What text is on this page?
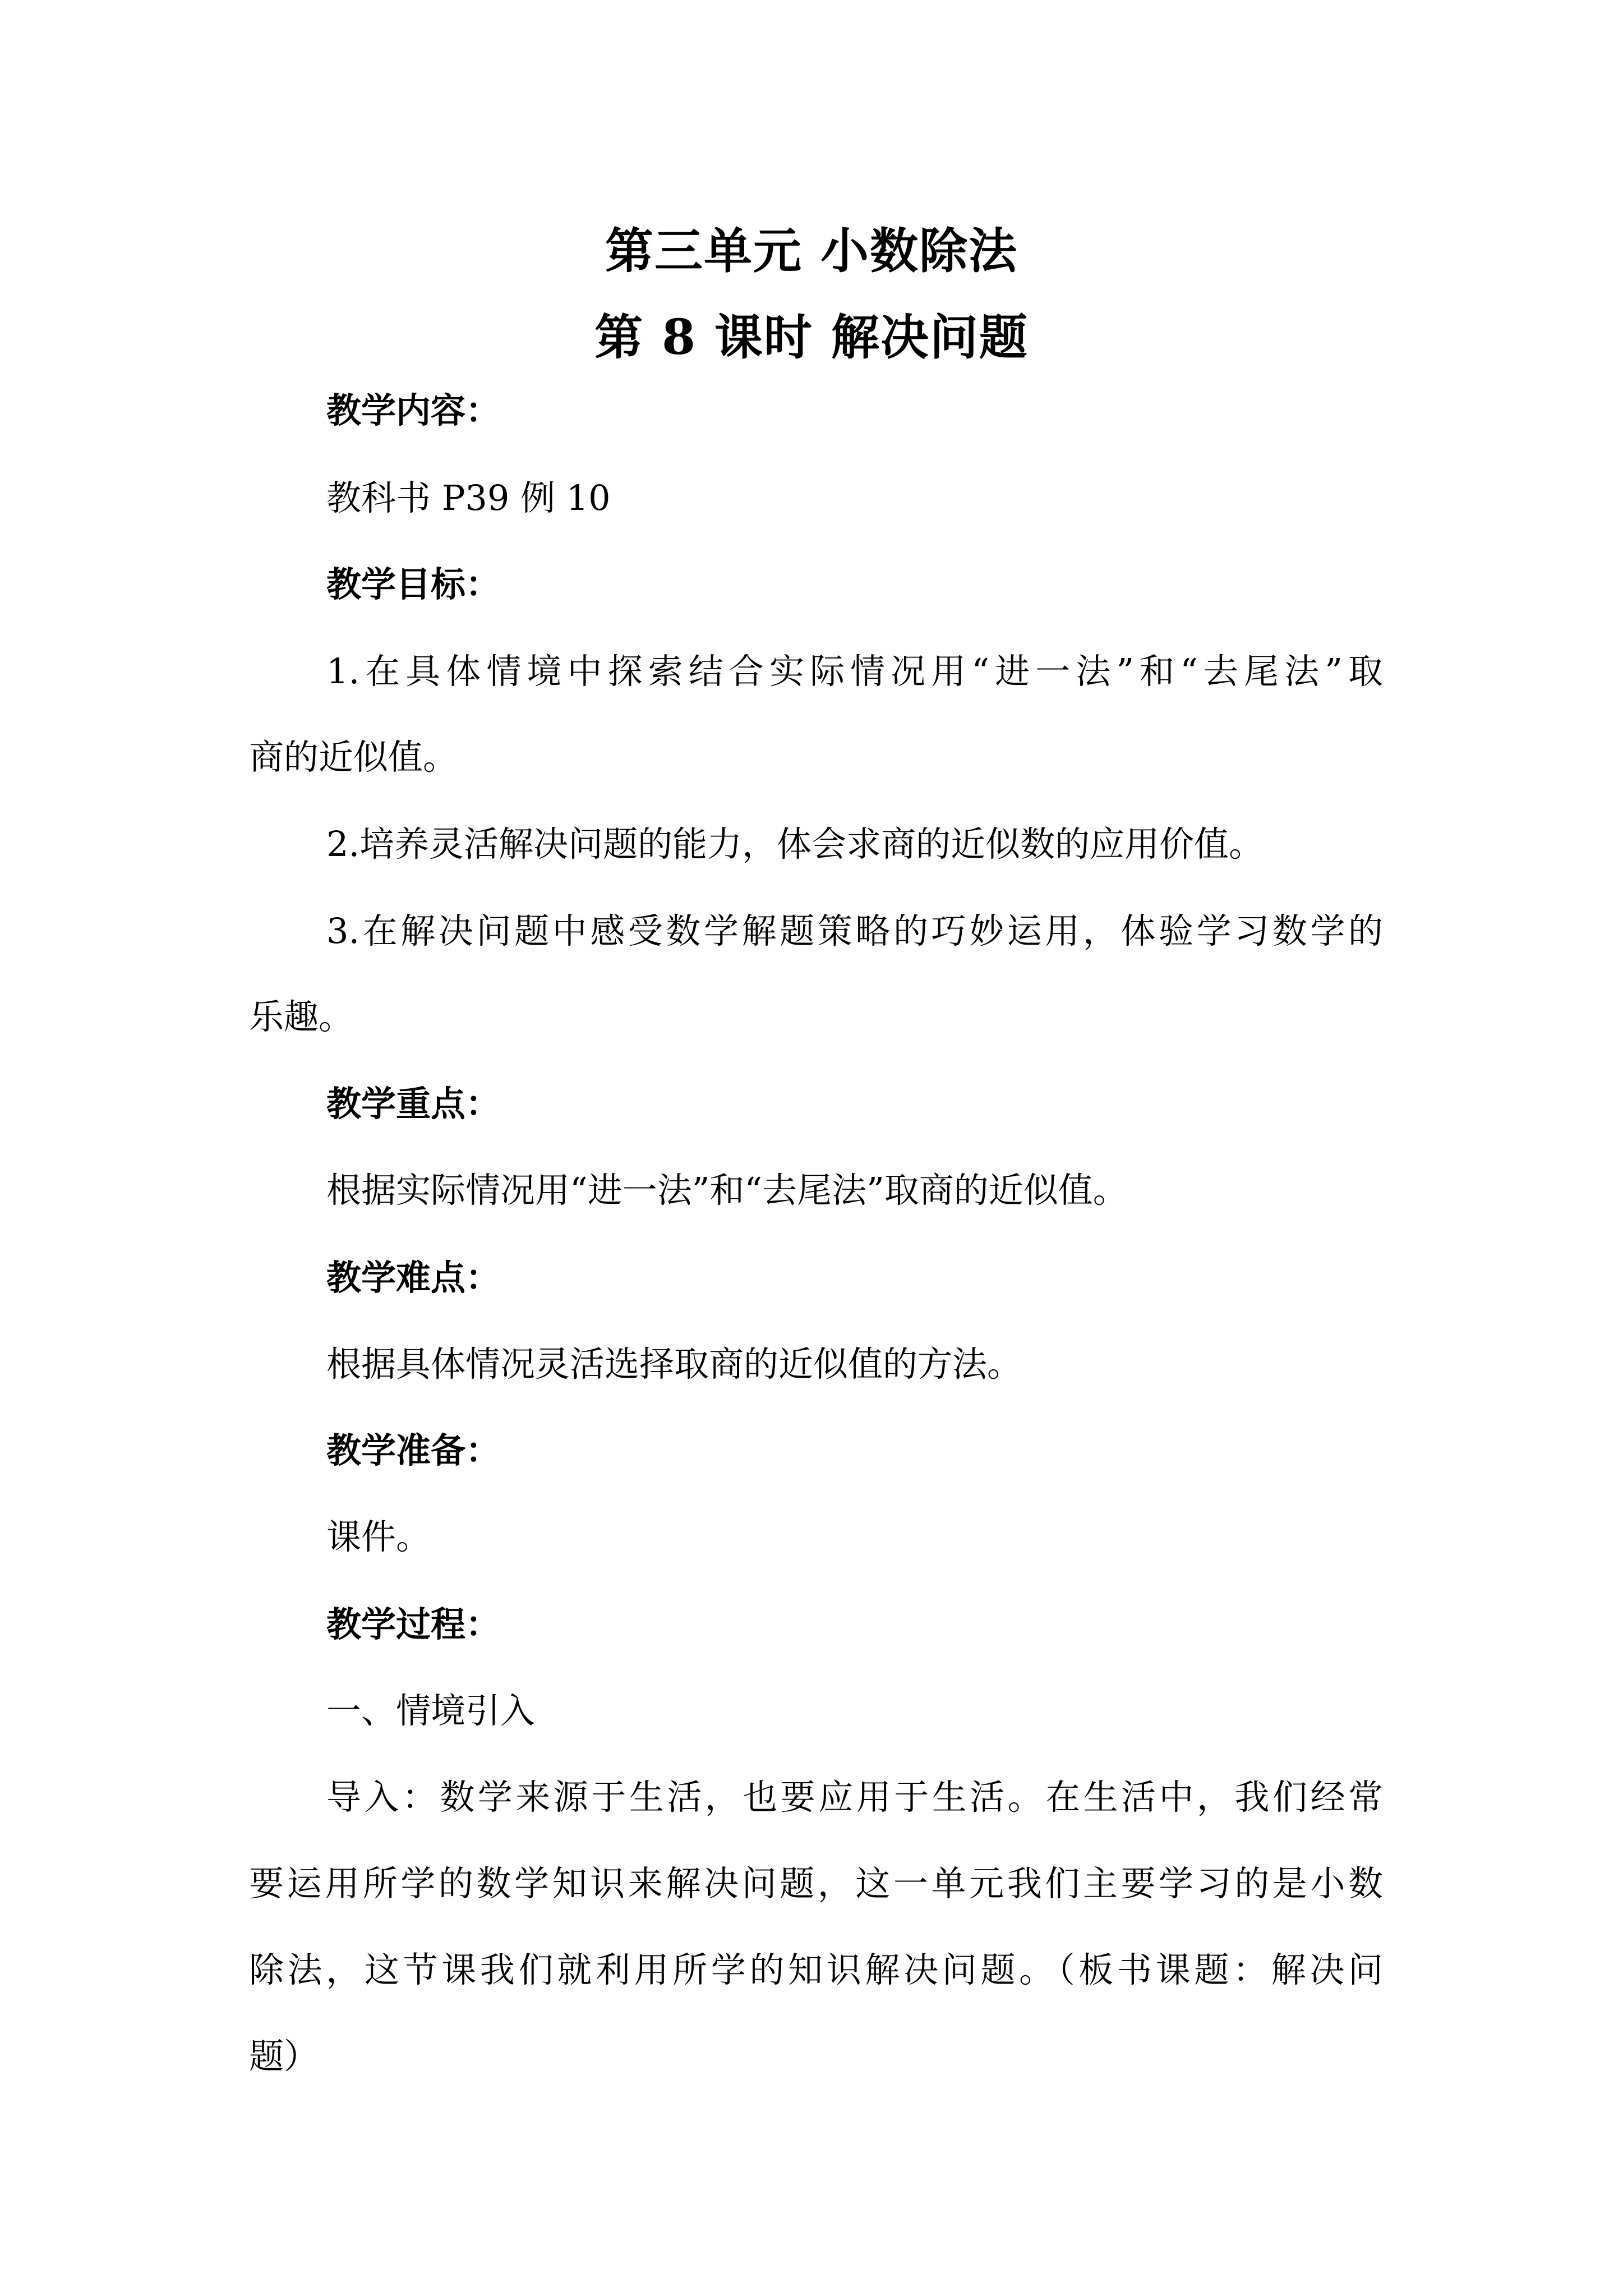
第三单元 小数除法
第 8 课时 解决问题
教学内容：
教科书 P39 例 10
教学目标：
1.在具体情境中探索结合实际情况用“进一法”和“去尾法”取
商的近似值。
2.培养灵活解决问题的能力，体会求商的近似数的应用价值。
3.在解决问题中感受数学解题策略的巧妙运用，体验学习数学的
乐趣。
教学重点：
根据实际情况用“进一法”和“去尾法”取商的近似值。
教学难点：
根据具体情况灵活选择取商的近似值的方法。
教学准备：
课件。
教学过程：
一、情境引入
导入：数学来源于生活，也要应用于生活。在生活中，我们经常
要运用所学的数学知识来解决问题，这一单元我们主要学习的是小数
除法，这节课我们就利用所学的知识解决问题。（板书课题：解决问
题）
